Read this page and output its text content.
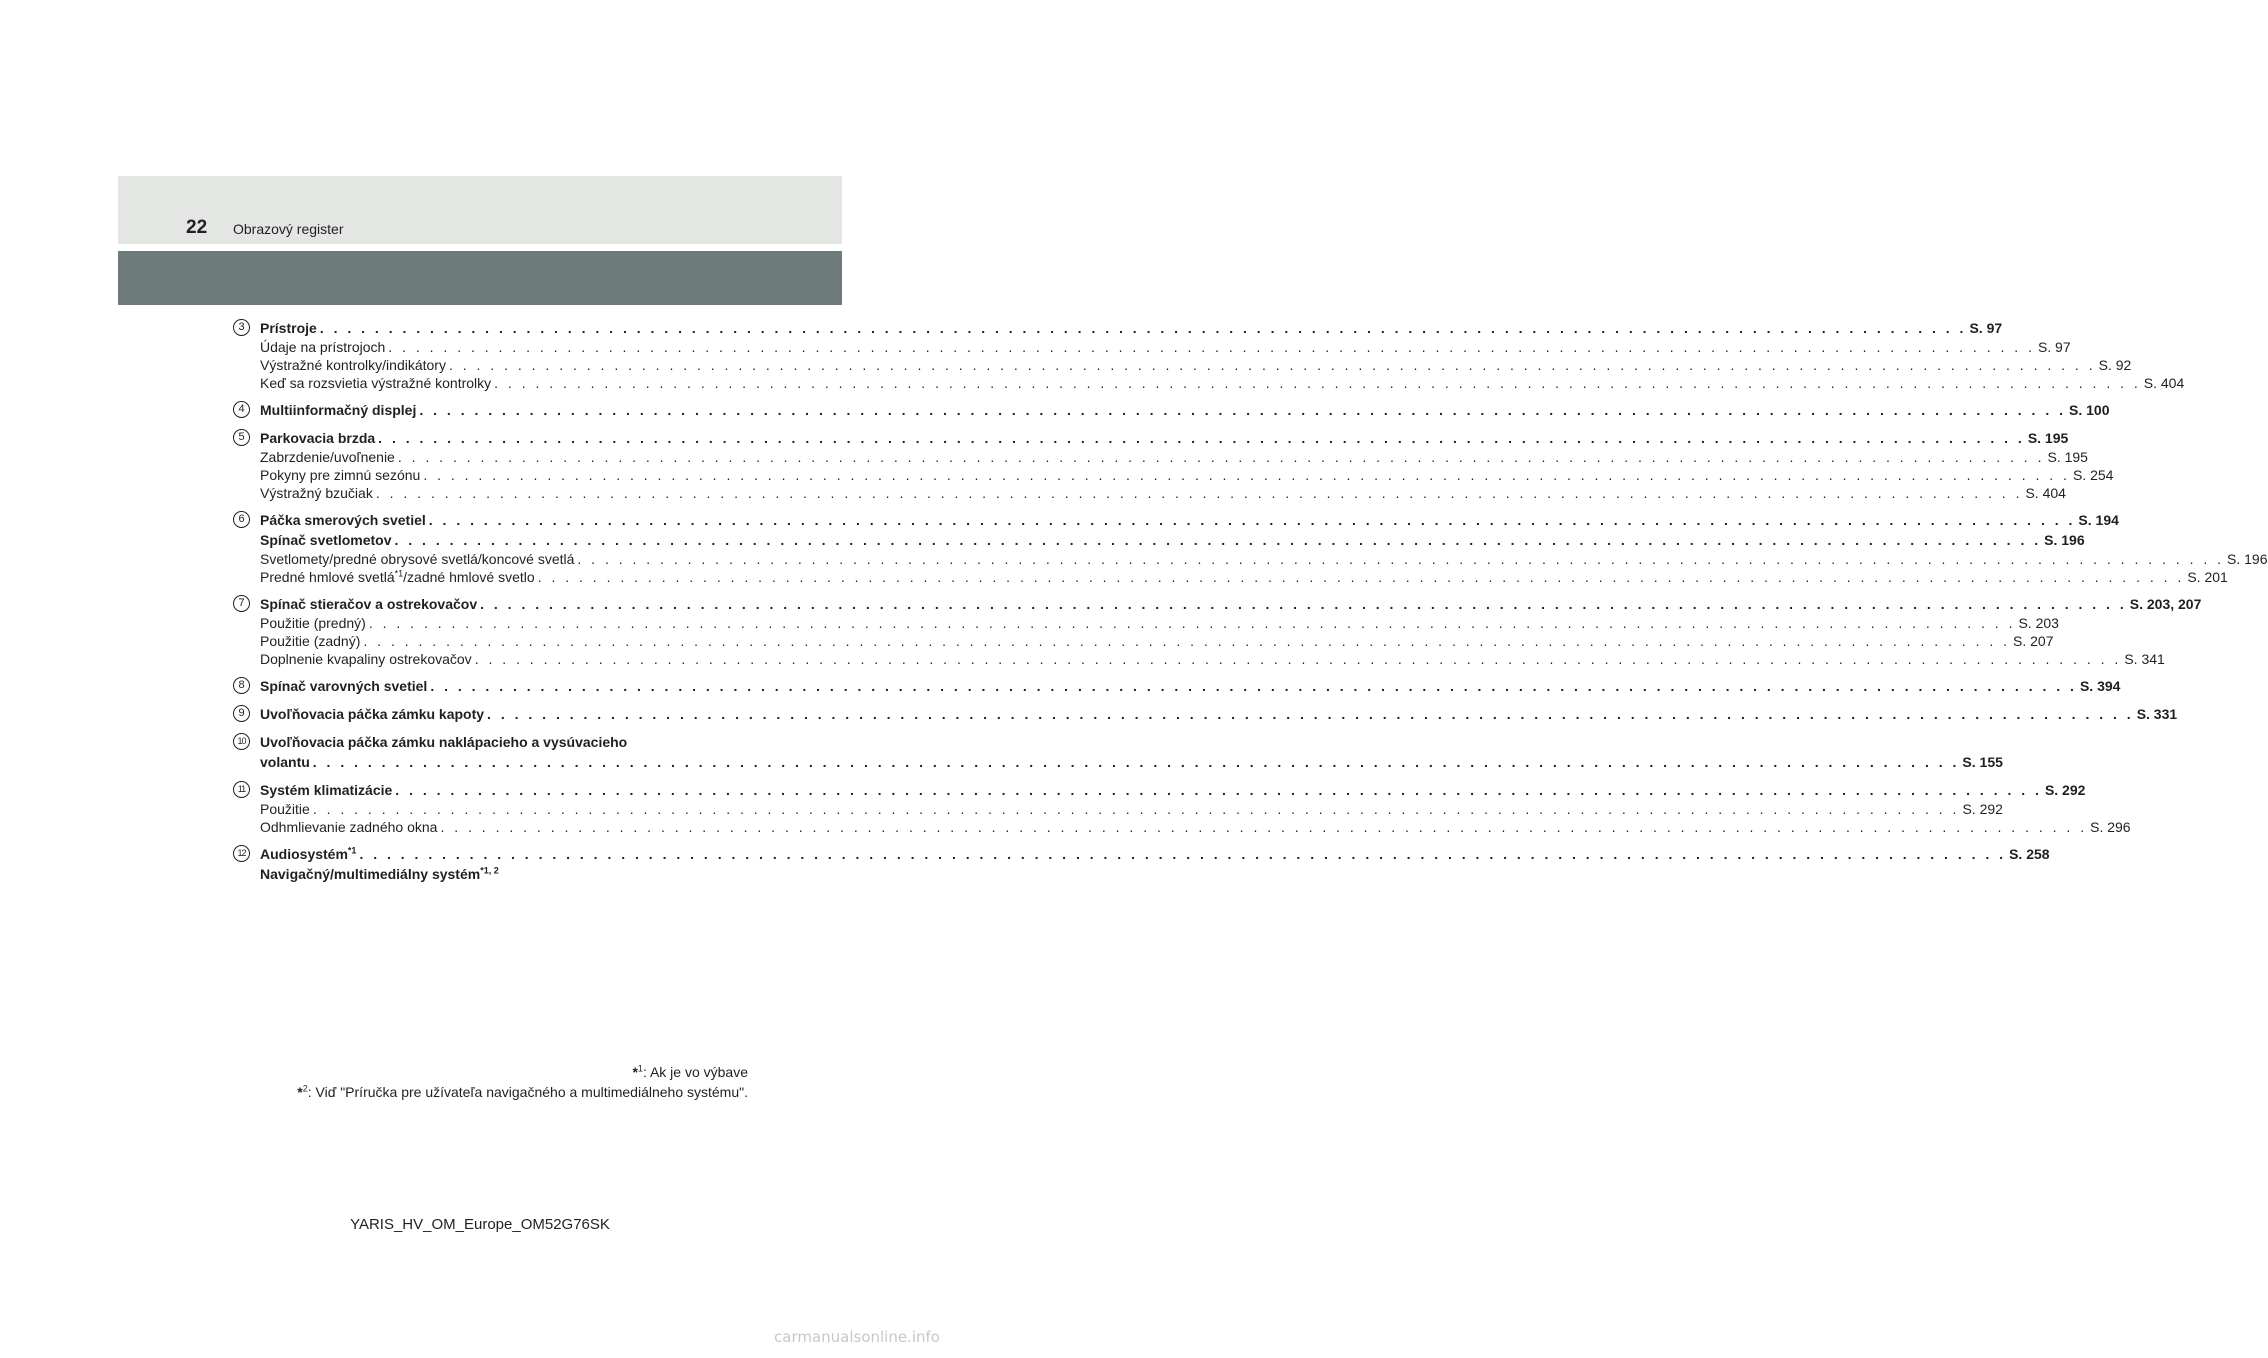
22 Obrazový register
3	Prístroje . . . . . . . . . . . . . . . . . . . . . . . . . . . . . . . . . . . . . . . . . . . . . . . . . . . . . . . . . . . . . . . . . . . . . . . . . . . . . . . . . . . . . . . . . . . . . . . . . . . . . . . . . . . . . . . . . . . . . . . . S. 97
Údaje na prístrojoch . . . . . . . . . . . . . . . . . . . . . . . . . . . . . . . . . . . . . . . . . . . . . . . . . . . . . . . . . . . . . . . . . . . . . . . . . . . . . . . . . . . . . . . . . . . . . . . . . . . . . . . . . . . . . . . . . . . . . . . . S. 97
Výstražné kontrolky/indikátory . . . . . . . . . . . . . . . . . . . . . . . . . . . . . . . . . . . . . . . . . . . . . . . . . . . . . . . . . . . . . . . . . . . . . . . . . . . . . . . . . . . . . . . . . . . . . . . . . . . . . . . . . . . . . . . . . . . . . . . . S. 92
Keď sa rozsvietia výstražné kontrolky . . . . . . . . . . . . . . . . . . . . . . . . . . . . . . . . . . . . . . . . . . . . . . . . . . . . . . . . . . . . . . . . . . . . . . . . . . . . . . . . . . . . . . . . . . . . . . . . . . . . . . . . . . . . . . . . . . . . . . . . S. 404
4	Multiinformačný displej . . . . . . . . . . . . . . . . . . . . . . . . . . . . . . . . . . . . . . . . . . . . . . . . . . . . . . . . . . . . . . . . . . . . . . . . . . . . . . . . . . . . . . . . . . . . . . . . . . . . . . . . . . . . . . . . . . . . . . . . S. 100
5	Parkovacia brzda . . . . . . . . . . . . . . . . . . . . . . . . . . . . . . . . . . . . . . . . . . . . . . . . . . . . . . . . . . . . . . . . . . . . . . . . . . . . . . . . . . . . . . . . . . . . . . . . . . . . . . . . . . . . . . . . . . . . . . . . S. 195
Zabrzdenie/uvoľnenie . . . . . . . . . . . . . . . . . . . . . . . . . . . . . . . . . . . . . . . . . . . . . . . . . . . . . . . . . . . . . . . . . . . . . . . . . . . . . . . . . . . . . . . . . . . . . . . . . . . . . . . . . . . . . . . . . . . . . . . . S. 195
Pokyny pre zimnú sezónu . . . . . . . . . . . . . . . . . . . . . . . . . . . . . . . . . . . . . . . . . . . . . . . . . . . . . . . . . . . . . . . . . . . . . . . . . . . . . . . . . . . . . . . . . . . . . . . . . . . . . . . . . . . . . . . . . . . . . . . . S. 254
Výstražný bzučiak . . . . . . . . . . . . . . . . . . . . . . . . . . . . . . . . . . . . . . . . . . . . . . . . . . . . . . . . . . . . . . . . . . . . . . . . . . . . . . . . . . . . . . . . . . . . . . . . . . . . . . . . . . . . . . . . . . . . . . . . S. 404
6	Páčka smerových svetiel . . . . . . . . . . . . . . . . . . . . . . . . . . . . . . . . . . . . . . . . . . . . . . . . . . . . . . . . . . . . . . . . . . . . . . . . . . . . . . . . . . . . . . . . . . . . . . . . . . . . . . . . . . . . . . . . . . . . . . . . S. 194
Spínač svetlometov . . . . . . . . . . . . . . . . . . . . . . . . . . . . . . . . . . . . . . . . . . . . . . . . . . . . . . . . . . . . . . . . . . . . . . . . . . . . . . . . . . . . . . . . . . . . . . . . . . . . . . . . . . . . . . . . . . . . . . . . S. 196
Svetlomety/predné obrysové svetlá/koncové svetlá . . . . . . . . . . . . . . . . . . . . . . . . . . . . . . . . . . . . . . . . . . . . . . . . . . . . . . . . . . . . . . . . . . . . . . . . . . . . . . . . . . . . . . . . . . . . . . . . . . . . . . . . . . . . . . . . . . . . . . . . S. 196
Predné hmlové svetlá$^{*1}$/zadné hmlové svetlo . . . . . . . . . . . . . . . . . . . . . . . . . . . . . . . . . . . . . . . . . . . . . . . . . . . . . . . . . . . . . . . . . . . . . . . . . . . . . . . . . . . . . . . . . . . . . . . . . . . . . . . . . . . . . . . . . . . . . . . . S. 201
7	Spínač stieračov a ostrekovačov . . . . . . . . . . . . . . . . . . . . . . . . . . . . . . . . . . . . . . . . . . . . . . . . . . . . . . . . . . . . . . . . . . . . . . . . . . . . . . . . . . . . . . . . . . . . . . . . . . . . . . . . . . . . . . . . . . . . . . . . S. 203, 207
Použitie (predný) . . . . . . . . . . . . . . . . . . . . . . . . . . . . . . . . . . . . . . . . . . . . . . . . . . . . . . . . . . . . . . . . . . . . . . . . . . . . . . . . . . . . . . . . . . . . . . . . . . . . . . . . . . . . . . . . . . . . . . . . S. 203
Použitie (zadný) . . . . . . . . . . . . . . . . . . . . . . . . . . . . . . . . . . . . . . . . . . . . . . . . . . . . . . . . . . . . . . . . . . . . . . . . . . . . . . . . . . . . . . . . . . . . . . . . . . . . . . . . . . . . . . . . . . . . . . . . S. 207
Doplnenie kvapaliny ostrekovačov . . . . . . . . . . . . . . . . . . . . . . . . . . . . . . . . . . . . . . . . . . . . . . . . . . . . . . . . . . . . . . . . . . . . . . . . . . . . . . . . . . . . . . . . . . . . . . . . . . . . . . . . . . . . . . . . . . . . . . . . S. 341
8	Spínač varovných svetiel . . . . . . . . . . . . . . . . . . . . . . . . . . . . . . . . . . . . . . . . . . . . . . . . . . . . . . . . . . . . . . . . . . . . . . . . . . . . . . . . . . . . . . . . . . . . . . . . . . . . . . . . . . . . . . . . . . . . . . . . S. 394
9	Uvoľňovacia páčka zámku kapoty . . . . . . . . . . . . . . . . . . . . . . . . . . . . . . . . . . . . . . . . . . . . . . . . . . . . . . . . . . . . . . . . . . . . . . . . . . . . . . . . . . . . . . . . . . . . . . . . . . . . . . . . . . . . . . . . . . . . . . . . S. 331
10	Uvoľňovacia páčka zámku naklápacieho a vysúvacieho
volantu . . . . . . . . . . . . . . . . . . . . . . . . . . . . . . . . . . . . . . . . . . . . . . . . . . . . . . . . . . . . . . . . . . . . . . . . . . . . . . . . . . . . . . . . . . . . . . . . . . . . . . . . . . . . . . . . . . . . . . . . S. 155
11	Systém klimatizácie . . . . . . . . . . . . . . . . . . . . . . . . . . . . . . . . . . . . . . . . . . . . . . . . . . . . . . . . . . . . . . . . . . . . . . . . . . . . . . . . . . . . . . . . . . . . . . . . . . . . . . . . . . . . . . . . . . . . . . . . S. 292
Použitie . . . . . . . . . . . . . . . . . . . . . . . . . . . . . . . . . . . . . . . . . . . . . . . . . . . . . . . . . . . . . . . . . . . . . . . . . . . . . . . . . . . . . . . . . . . . . . . . . . . . . . . . . . . . . . . . . . . . . . . . S. 292
Odhmlievanie zadného okna . . . . . . . . . . . . . . . . . . . . . . . . . . . . . . . . . . . . . . . . . . . . . . . . . . . . . . . . . . . . . . . . . . . . . . . . . . . . . . . . . . . . . . . . . . . . . . . . . . . . . . . . . . . . . . . . . . . . . . . . S. 296
12	Audiosystém$^{*1}$ . . . . . . . . . . . . . . . . . . . . . . . . . . . . . . . . . . . . . . . . . . . . . . . . . . . . . . . . . . . . . . . . . . . . . . . . . . . . . . . . . . . . . . . . . . . . . . . . . . . . . . . . . . . . . . . . . . . . . . . . S. 258
Navigačný/multimediálny systém$^{*1, 2}$
*$^1$: Ak je vo výbave
*$^2$: Viď "Príručka pre užívateľa navigačného a multimediálneho systému".
YARIS_HV_OM_Europe_OM52G76SK
carmanualsonline.info
